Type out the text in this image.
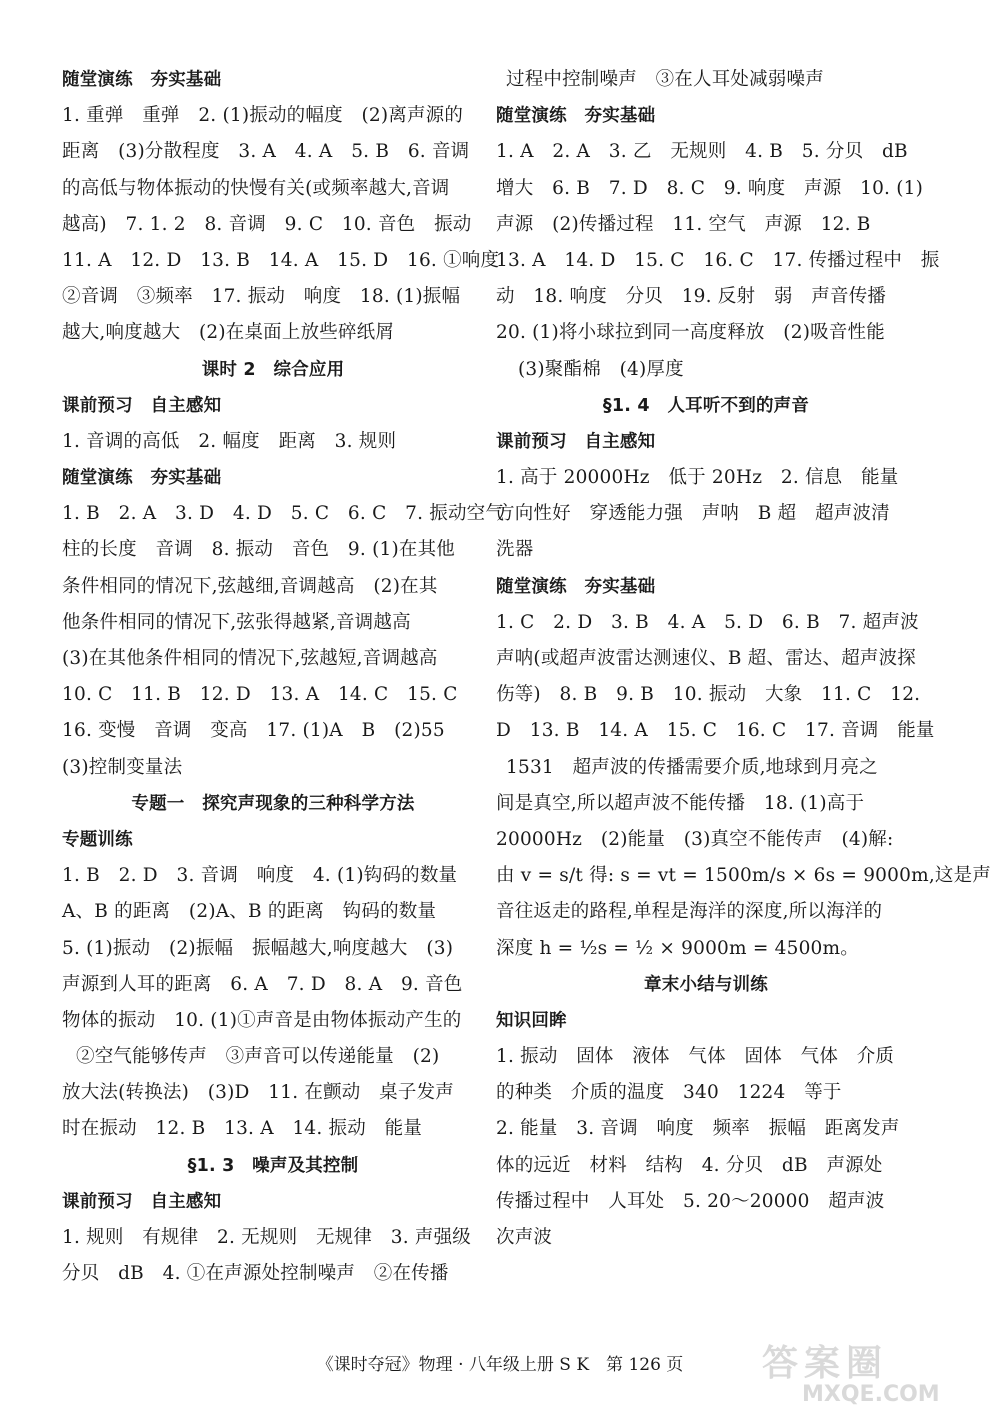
随堂演练　夯实基础
1. 重弹　重弹　2. (1)振动的幅度　(2)离声源的
距离　(3)分散程度　3. A　4. A　5. B　6. 音调
的高低与物体振动的快慢有关(或频率越大,音调
越高)　7. 1. 2　8. 音调　9. C　10. 音色　振动
11. A　12. D　13. B　14. A　15. D　16. ①响度
②音调　③频率　17. 振动　响度　18. (1)振幅
越大,响度越大　(2)在桌面上放些碎纸屑
课时 2　综合应用
课前预习　自主感知
1. 音调的高低　2. 幅度　距离　3. 规则
随堂演练　夯实基础
1. B　2. A　3. D　4. D　5. C　6. C　7. 振动空气
柱的长度　音调　8. 振动　音色　9. (1)在其他
条件相同的情况下,弦越细,音调越高　(2)在其
他条件相同的情况下,弦张得越紧,音调越高
(3)在其他条件相同的情况下,弦越短,音调越高
10. C　11. B　12. D　13. A　14. C　15. C
16. 变慢　音调　变高　17. (1)A　B　(2)55
(3)控制变量法
专题一　探究声现象的三种科学方法
专题训练
1. B　2. D　3. 音调　响度　4. (1)钩码的数量
A、B 的距离　(2)A、B 的距离　钩码的数量
5. (1)振动　(2)振幅　振幅越大,响度越大　(3)
声源到人耳的距离　6. A　7. D　8. A　9. 音色
物体的振动　10. (1)①声音是由物体振动产生的
②空气能够传声　③声音可以传递能量　(2)
放大法(转换法)　(3)D　11. 在颤动　桌子发声
时在振动　12. B　13. A　14. 振动　能量
§1. 3　噪声及其控制
课前预习　自主感知
1. 规则　有规律　2. 无规则　无规律　3. 声强级
分贝　dB　4. ①在声源处控制噪声　②在传播
过程中控制噪声　③在人耳处减弱噪声
随堂演练　夯实基础
1. A　2. A　3. 乙　无规则　4. B　5. 分贝　dB
增大　6. B　7. D　8. C　9. 响度　声源　10. (1)
声源　(2)传播过程　11. 空气　声源　12. B
13. A　14. D　15. C　16. C　17. 传播过程中　振
动　18. 响度　分贝　19. 反射　弱　声音传播
20. (1)将小球拉到同一高度释放　(2)吸音性能
(3)聚酯棉　(4)厚度
§1. 4　人耳听不到的声音
课前预习　自主感知
1. 高于 20000Hz　低于 20Hz　2. 信息　能量
方向性好　穿透能力强　声呐　B 超　超声波清
洗器
随堂演练　夯实基础
1. C　2. D　3. B　4. A　5. D　6. B　7. 超声波
声呐(或超声波雷达测速仪、B 超、雷达、超声波探
伤等)　8. B　9. B　10. 振动　大象　11. C　12.
D　13. B　14. A　15. C　16. C　17. 音调　能量
1531　超声波的传播需要介质,地球到月亮之
间是真空,所以超声波不能传播　18. (1)高于
20000Hz　(2)能量　(3)真空不能传声　(4)解:
由 v = s/t 得: s = vt = 1500m/s × 6s = 9000m,这是声
音往返走的路程,单程是海洋的深度,所以海洋的
深度 h = ½s = ½ × 9000m = 4500m。
章末小结与训练
知识回眸
1. 振动　固体　液体　气体　固体　气体　介质
的种类　介质的温度　340　1224　等于
2. 能量　3. 音调　响度　频率　振幅　距离发声
体的远近　材料　结构　4. 分贝　dB　声源处
传播过程中　人耳处　5. 20～20000　超声波
次声波
《课时夺冠》物理 · 八年级上册 S K　第 126 页	答案圈
MXQE.COM
